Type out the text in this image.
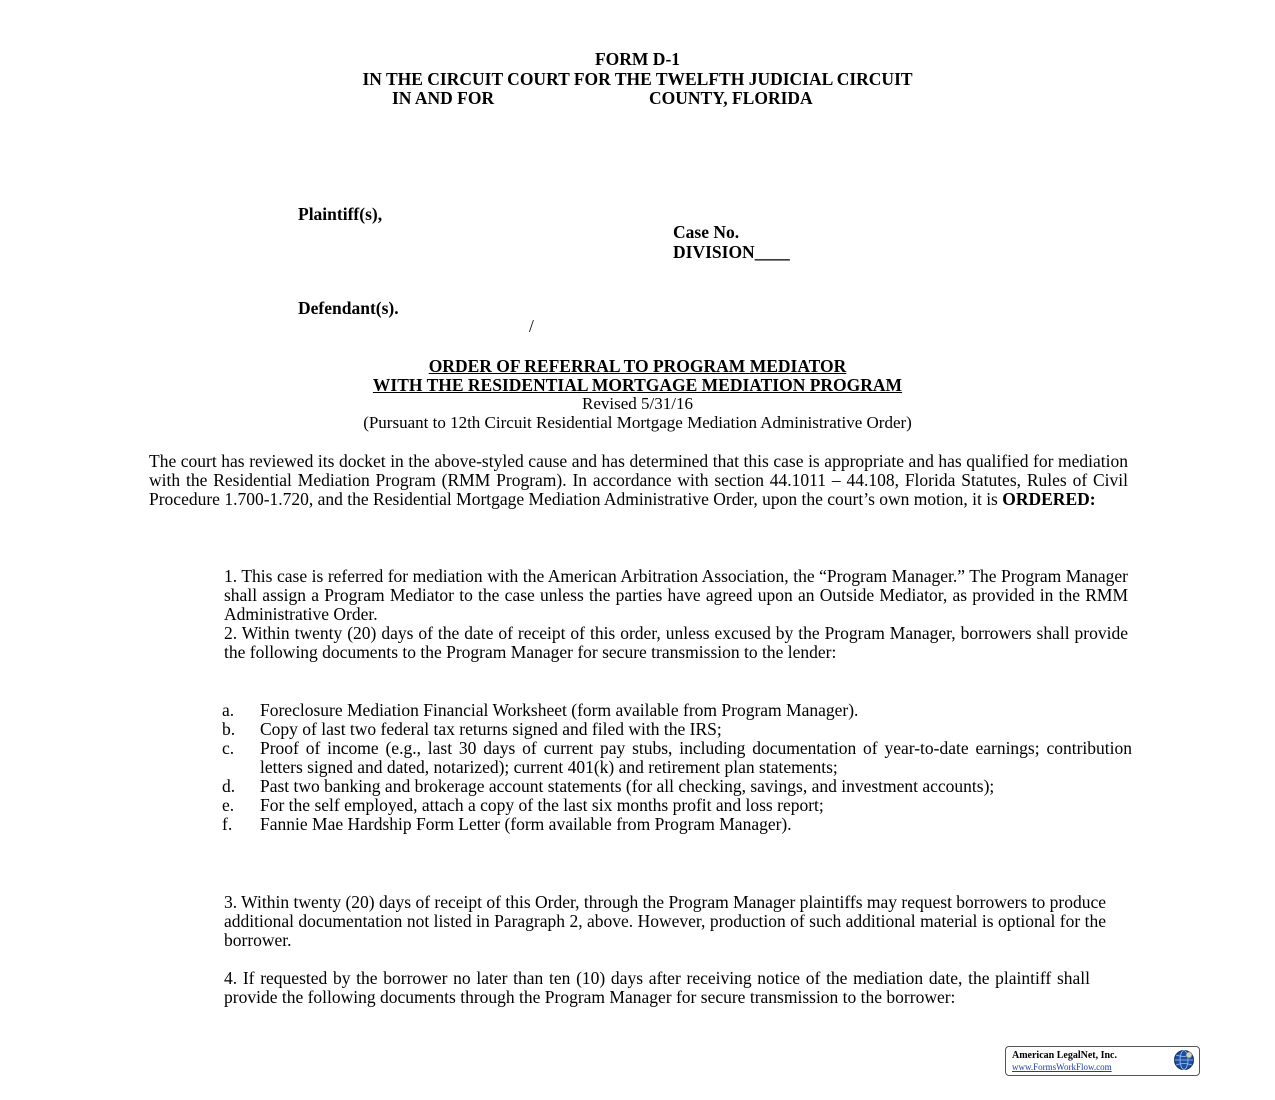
FORM D-1
IN THE CIRCUIT COURT FOR THE TWELFTH JUDICIAL CIRCUIT
IN AND FOR	COUNTY, FLORIDA
Plaintiff(s),
Case No.
DIVISION____
Defendant(s).
/
ORDER OF REFERRAL TO PROGRAM MEDIATOR
WITH THE RESIDENTIAL MORTGAGE MEDIATION PROGRAM
Revised 5/31/16
(Pursuant to 12th Circuit Residential Mortgage Mediation Administrative Order)
The court has reviewed its docket in the above-styled cause and has determined that this case is appropriate and has qualified for mediation with the Residential Mediation Program (RMM Program). In accordance with section 44.1011 – 44.108, Florida Statutes, Rules of Civil Procedure 1.700-1.720, and the Residential Mortgage Mediation Administrative Order, upon the court’s own motion, it is ORDERED:
1. This case is referred for mediation with the American Arbitration Association, the “Program Manager.” The Program Manager shall assign a Program Mediator to the case unless the parties have agreed upon an Outside Mediator, as provided in the RMM Administrative Order.
2. Within twenty (20) days of the date of receipt of this order, unless excused by the Program Manager, borrowers shall provide the following documents to the Program Manager for secure transmission to the lender:
a.	Foreclosure Mediation Financial Worksheet (form available from Program Manager).
b.	Copy of last two federal tax returns signed and filed with the IRS;
c.	Proof of income (e.g., last 30 days of current pay stubs, including documentation of year-to-date earnings; contribution letters signed and dated, notarized); current 401(k) and retirement plan statements;
d.	Past two banking and brokerage account statements (for all checking, savings, and investment accounts);
e.	For the self employed, attach a copy of the last six months profit and loss report;
f.	Fannie Mae Hardship Form Letter (form available from Program Manager).
3. Within twenty (20) days of receipt of this Order, through the Program Manager plaintiffs may request borrowers to produce additional documentation not listed in Paragraph 2, above. However, production of such additional material is optional for the borrower.
4. If requested by the borrower no later than ten (10) days after receiving notice of the mediation date, the plaintiff shall provide the following documents through the Program Manager for secure transmission to the borrower:
American LegalNet, Inc.
www.FormsWorkFlow.com
